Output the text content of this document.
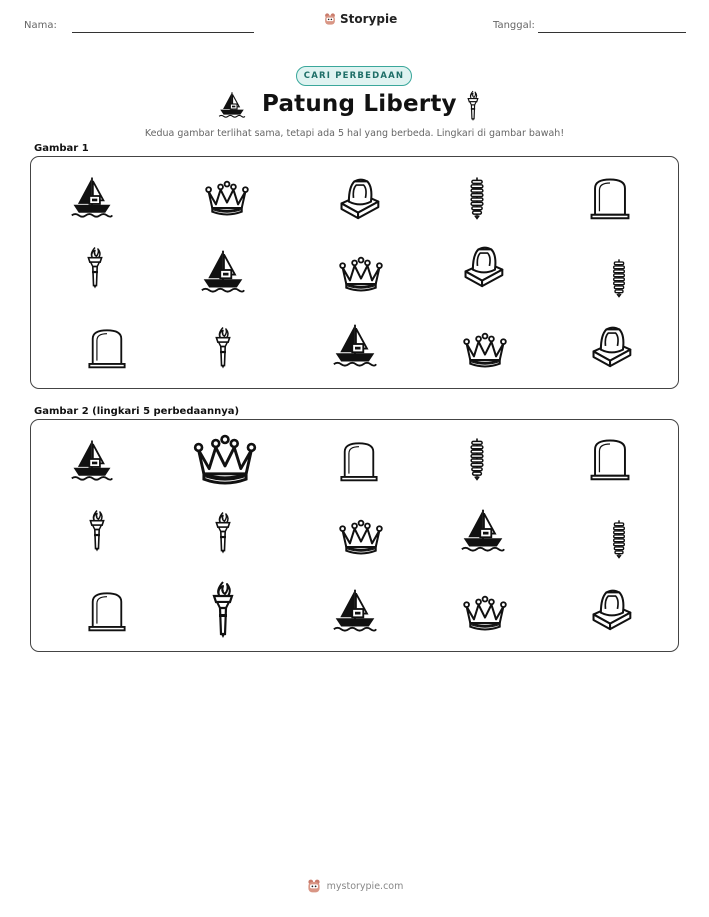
Nama:	Storypie	Tanggal:
CARI PERBEDAAN
Patung Liberty
Kedua gambar terlihat sama, tetapi ada 5 hal yang berbeda. Lingkari di gambar bawah!
Gambar 1
Gambar 2 (lingkari 5 perbedaannya)
mystorypie.com
